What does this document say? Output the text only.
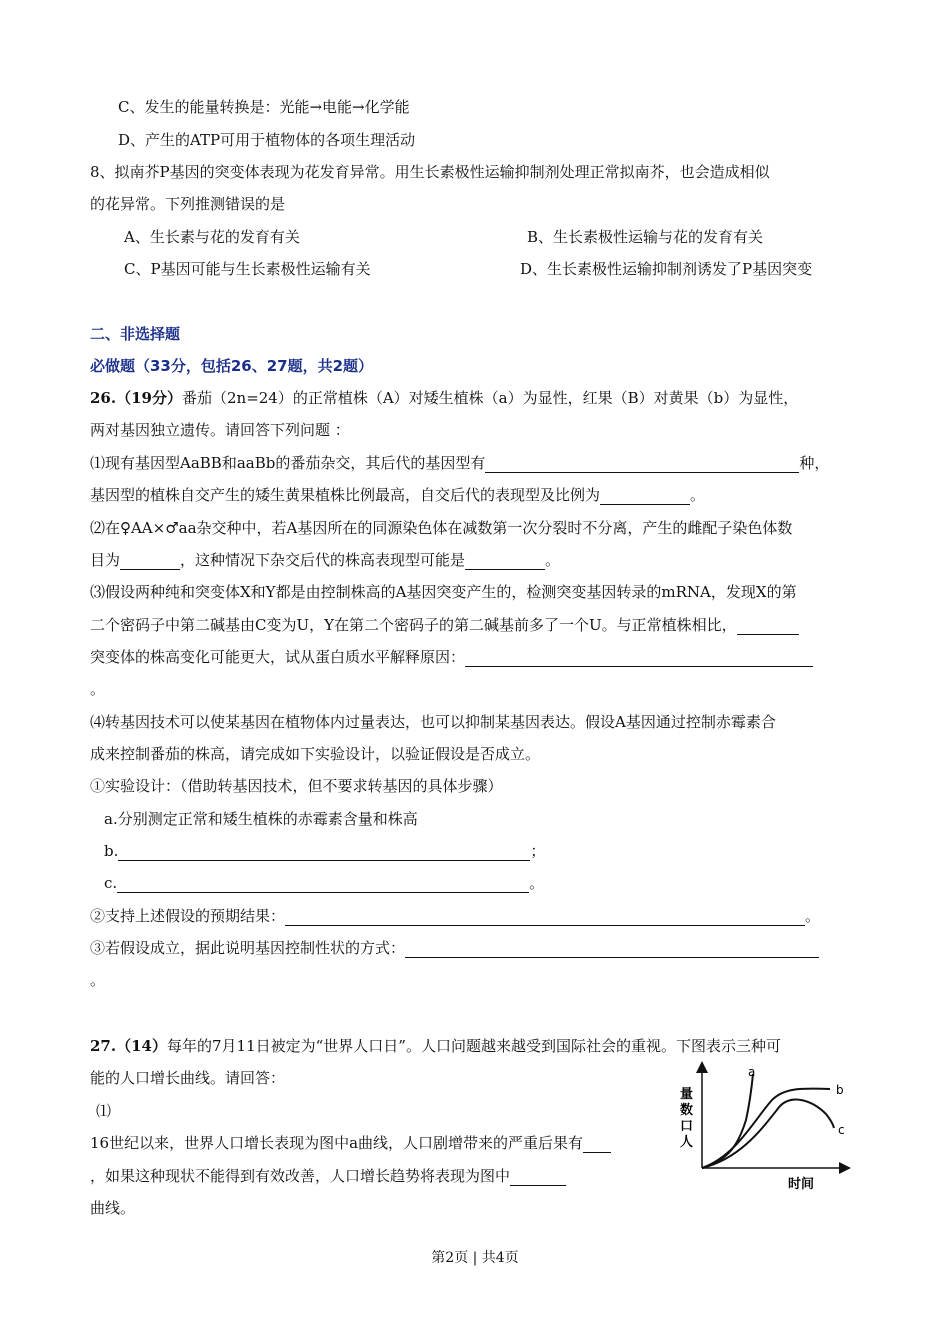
C、发生的能量转换是：光能→电能→化学能
D、产生的ATP可用于植物体的各项生理活动
8、拟南芥P基因的突变体表现为花发育异常。用生长素极性运输抑制剂处理正常拟南芥，也会造成相似
的花异常。下列推测错误的是
A、生长素与花的发育有关	B、生长素极性运输与花的发育有关
C、P基因可能与生长素极性运输有关	D、生长素极性运输抑制剂诱发了P基因突变
二、非选择题
必做题（33分，包括26、27题，共2题）
26.（19分）番茄（2n=24）的正常植株（A）对矮生植株（a）为显性，红果（B）对黄果（b）为显性，
两对基因独立遗传。请回答下列问题 ：
⑴现有基因型AaBB和aaBb的番茄杂交，其后代的基因型有	种，
基因型的植株自交产生的矮生黄果植株比例最高，自交后代的表现型及比例为	。
⑵在♀AA×♂aa杂交种中，若A基因所在的同源染色体在减数第一次分裂时不分离，产生的雌配子染色体数
目为	，这种情况下杂交后代的株高表现型可能是	。
⑶假设两种纯和突变体X和Y都是由控制株高的A基因突变产生的，检测突变基因转录的mRNA，发现X的第
二个密码子中第二碱基由C变为U，Y在第二个密码子的第二碱基前多了一个U。与正常植株相比，
突变体的株高变化可能更大，试从蛋白质水平解释原因：
。
⑷转基因技术可以使某基因在植物体内过量表达，也可以抑制某基因表达。假设A基因通过控制赤霉素合
成来控制番茄的株高，请完成如下实验设计，以验证假设是否成立。
①实验设计：（借助转基因技术，但不要求转基因的具体步骤）
a.分别测定正常和矮生植株的赤霉素含量和株高
b.	；
c.	。
②支持上述假设的预期结果：	。
③若假设成立，据此说明基因控制性状的方式：
。
27.（14）每年的7月11日被定为“世界人口日”。人口问题越来越受到国际社会的重视。下图表示三种可
能的人口增长曲线。请回答：
⑴
16世纪以来，世界人口增长表现为图中a曲线，人口剧增带来的严重后果有
，如果这种现状不能得到有效改善，人口增长趋势将表现为图中
曲线。
a
b
c
量
数
口
人
时间
第2页 | 共4页
